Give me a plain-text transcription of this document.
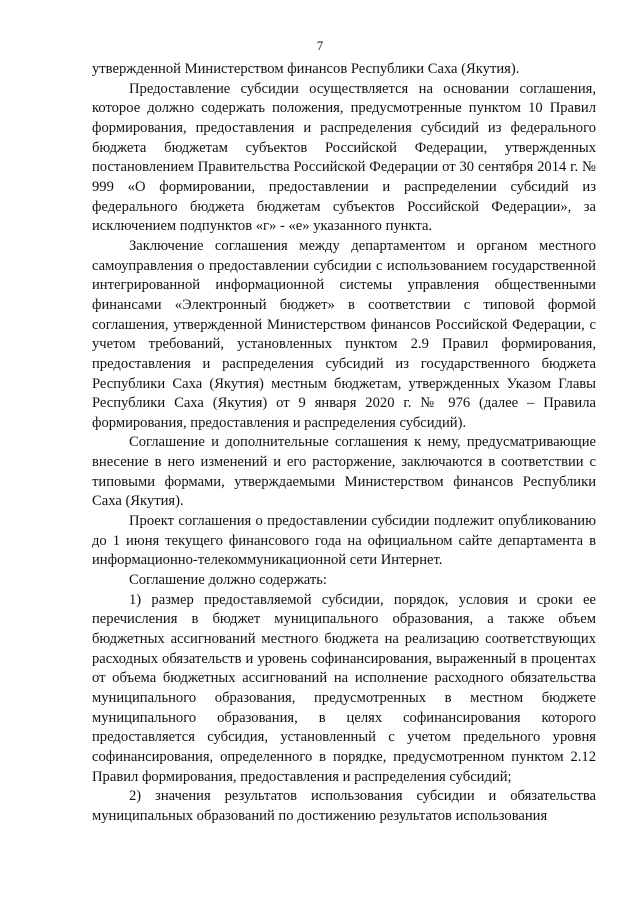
7

утвержденной Министерством финансов Республики Саха (Якутия).

Предоставление субсидии осуществляется на основании соглашения, которое должно содержать положения, предусмотренные пунктом 10 Правил формирования, предоставления и распределения субсидий из федерального бюджета бюджетам субъектов Российской Федерации, утвержденных постановлением Правительства Российской Федерации от 30 сентября 2014 г. № 999 «О формировании, предоставлении и распределении субсидий из федерального бюджета бюджетам субъектов Российской Федерации», за исключением подпунктов «г» - «е» указанного пункта.

Заключение соглашения между департаментом и органом местного самоуправления о предоставлении субсидии с использованием государственной интегрированной информационной системы управления общественными финансами «Электронный бюджет» в соответствии с типовой формой соглашения, утвержденной Министерством финансов Российской Федерации, с учетом требований, установленных пунктом 2.9 Правил формирования, предоставления и распределения субсидий из государственного бюджета Республики Саха (Якутия) местным бюджетам, утвержденных Указом Главы Республики Саха (Якутия) от 9 января 2020 г. № 976 (далее – Правила формирования, предоставления и распределения субсидий).

Соглашение и дополнительные соглашения к нему, предусматривающие внесение в него изменений и его расторжение, заключаются в соответствии с типовыми формами, утверждаемыми Министерством финансов Республики Саха (Якутия).

Проект соглашения о предоставлении субсидии подлежит опубликованию до 1 июня текущего финансового года на официальном сайте департамента в информационно-телекоммуникационной сети Интернет.

Соглашение должно содержать:

1) размер предоставляемой субсидии, порядок, условия и сроки ее перечисления в бюджет муниципального образования, а также объем бюджетных ассигнований местного бюджета на реализацию соответствующих расходных обязательств и уровень софинансирования, выраженный в процентах от объема бюджетных ассигнований на исполнение расходного обязательства муниципального образования, предусмотренных в местном бюджете муниципального образования, в целях софинансирования которого предоставляется субсидия, установленный с учетом предельного уровня софинансирования, определенного в порядке, предусмотренном пунктом 2.12 Правил формирования, предоставления и распределения субсидий;

2) значения результатов использования субсидии и обязательства муниципальных образований по достижению результатов использования
